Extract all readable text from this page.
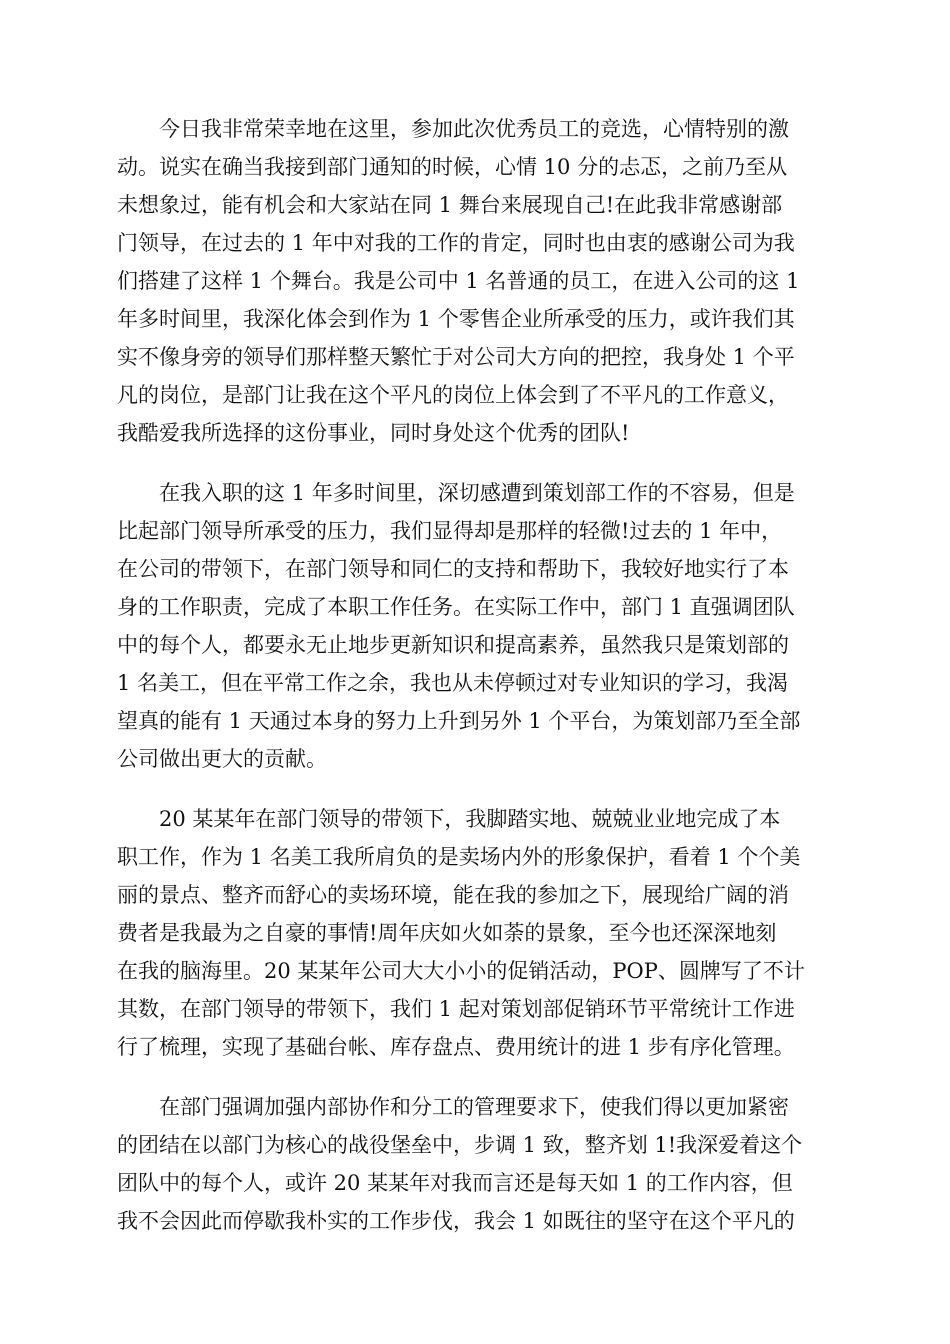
今日我非常荣幸地在这里，参加此次优秀员工的竞选，心情特别的激
动。说实在确当我接到部门通知的时候，心情 10 分的忐忑，之前乃至从
未想象过，能有机会和大家站在同 1 舞台来展现自己!在此我非常感谢部
门领导，在过去的 1 年中对我的工作的肯定，同时也由衷的感谢公司为我
们搭建了这样 1 个舞台。我是公司中 1 名普通的员工，在进入公司的这 1
年多时间里，我深化体会到作为 1 个零售企业所承受的压力，或许我们其
实不像身旁的领导们那样整天繁忙于对公司大方向的把控，我身处 1 个平
凡的岗位，是部门让我在这个平凡的岗位上体会到了不平凡的工作意义，
我酷爱我所选择的这份事业，同时身处这个优秀的团队!
在我入职的这 1 年多时间里，深切感遭到策划部工作的不容易，但是
比起部门领导所承受的压力，我们显得却是那样的轻微!过去的 1 年中，
在公司的带领下，在部门领导和同仁的支持和帮助下，我较好地实行了本
身的工作职责，完成了本职工作任务。在实际工作中，部门 1 直强调团队
中的每个人，都要永无止地步更新知识和提高素养，虽然我只是策划部的
1 名美工，但在平常工作之余，我也从未停顿过对专业知识的学习，我渴
望真的能有 1 天通过本身的努力上升到另外 1 个平台，为策划部乃至全部
公司做出更大的贡献。
20 某某年在部门领导的带领下，我脚踏实地、兢兢业业地完成了本
职工作，作为 1 名美工我所肩负的是卖场内外的形象保护，看着 1 个个美
丽的景点、整齐而舒心的卖场环境，能在我的参加之下，展现给广阔的消
费者是我最为之自豪的事情!周年庆如火如荼的景象，至今也还深深地刻
在我的脑海里。20 某某年公司大大小小的促销活动，POP、圆牌写了不计
其数，在部门领导的带领下，我们 1 起对策划部促销环节平常统计工作进
行了梳理，实现了基础台帐、库存盘点、费用统计的进 1 步有序化管理。
在部门强调加强内部协作和分工的管理要求下，使我们得以更加紧密
的团结在以部门为核心的战役堡垒中，步调 1 致，整齐划 1!我深爱着这个
团队中的每个人，或许 20 某某年对我而言还是每天如 1 的工作内容，但
我不会因此而停歇我朴实的工作步伐，我会 1 如既往的坚守在这个平凡的
